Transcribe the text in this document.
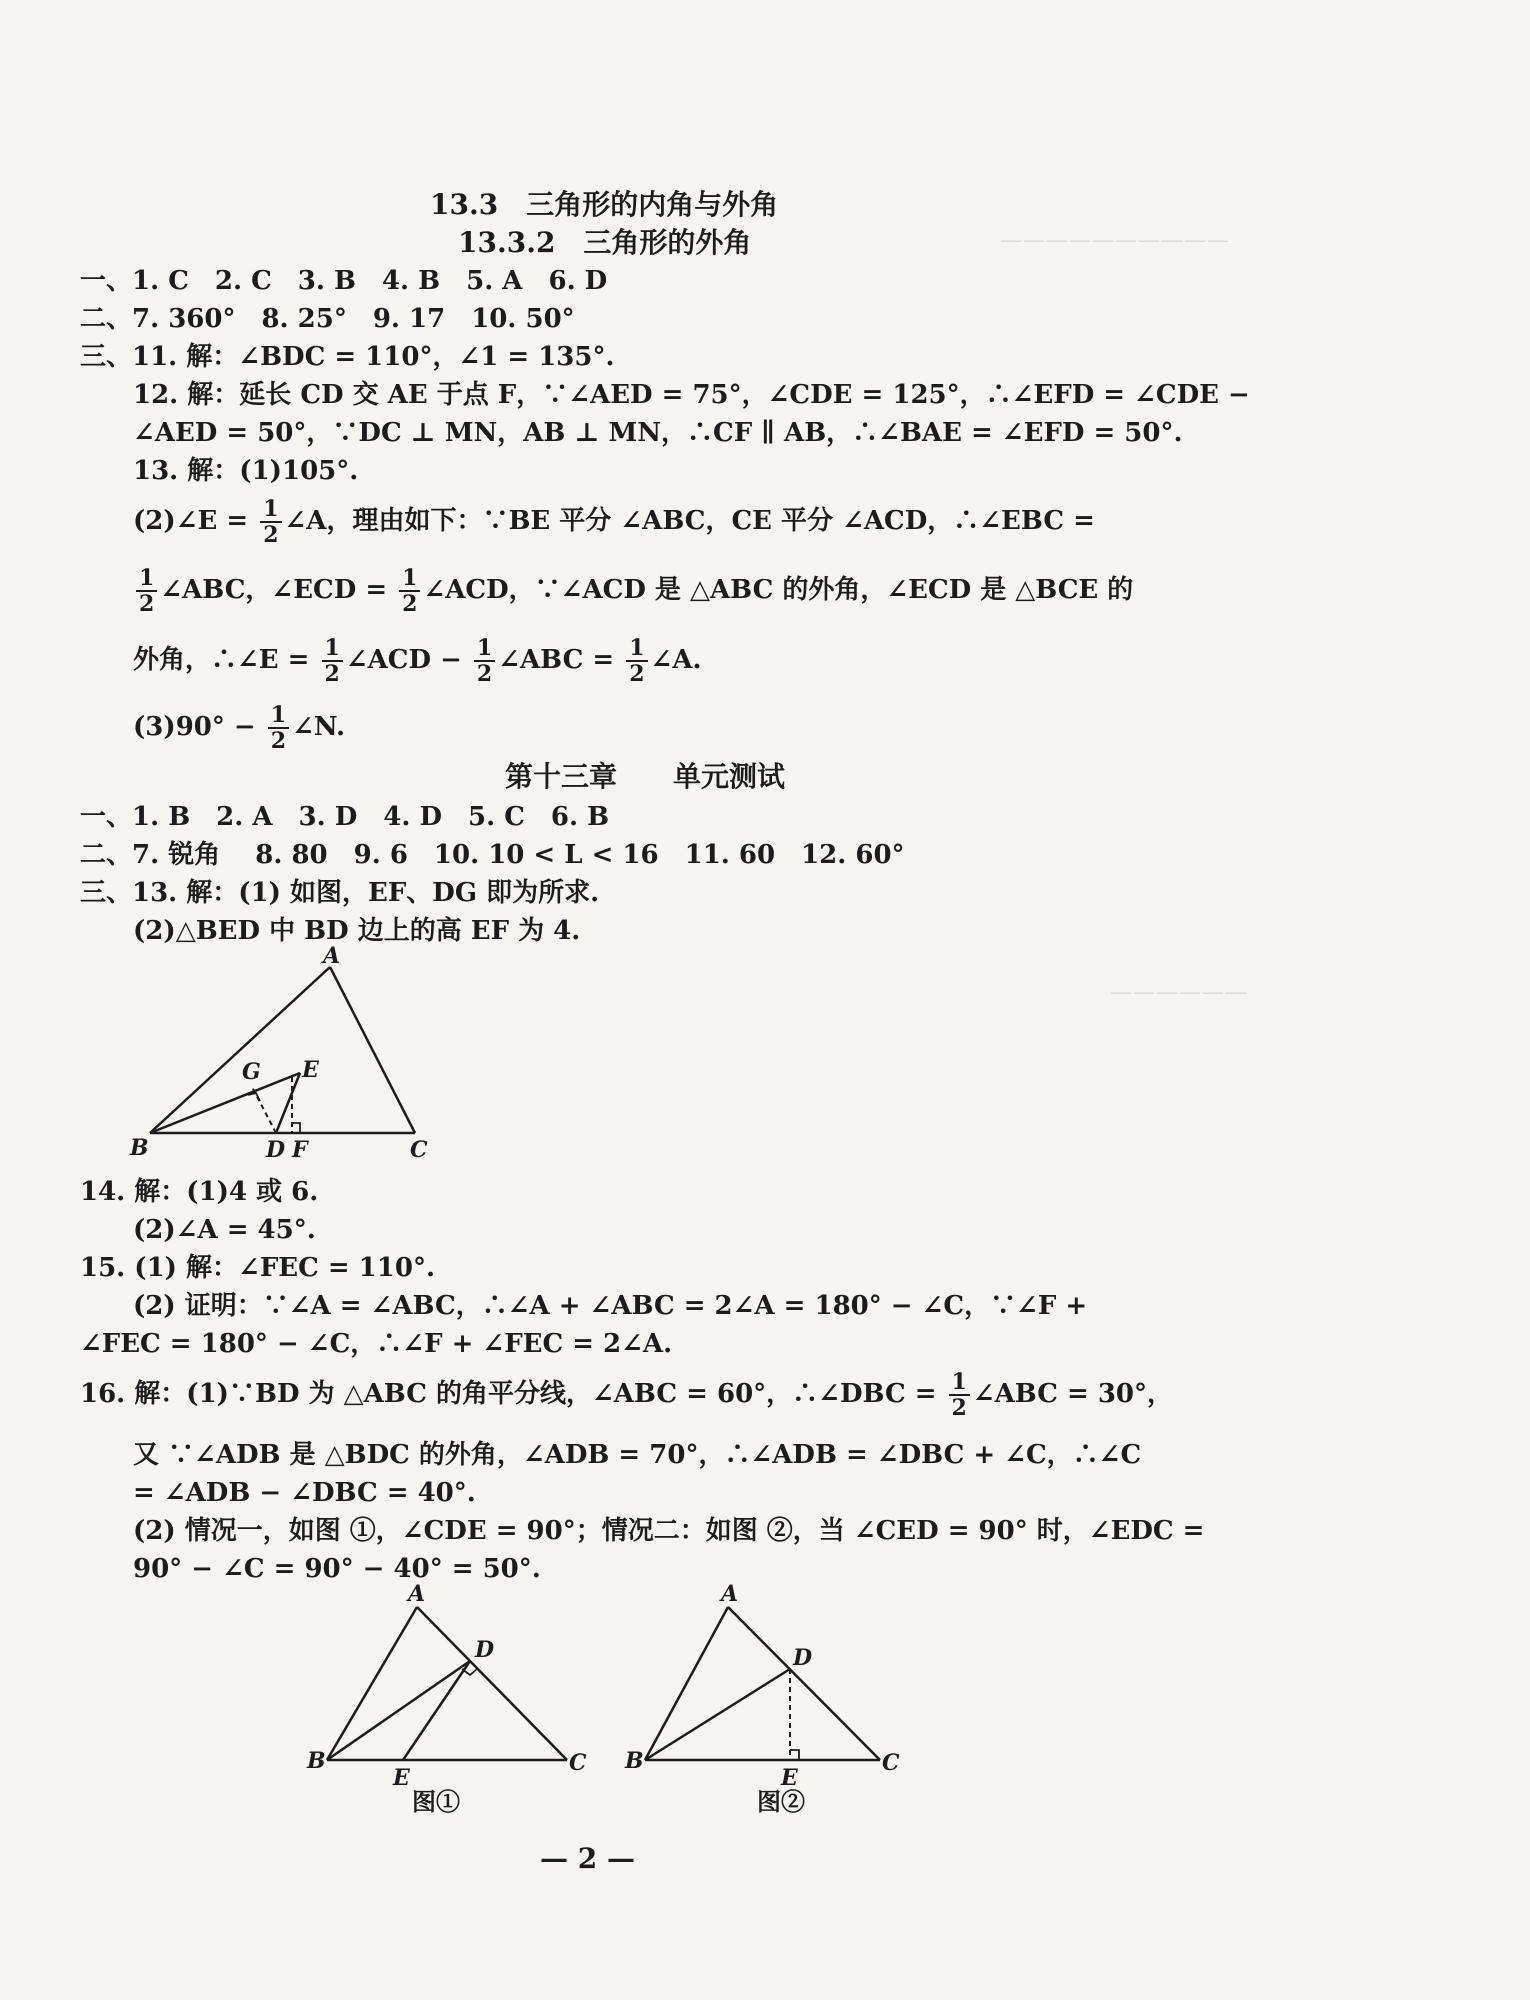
——————————
——————
13.3　三角形的内角与外角
13.3.2　三角形的外角
一、1. C　2. C　3. B　4. B　5. A　6. D
二、7. 360°　8. 25°　9. 17　10. 50°
三、11. 解：∠BDC = 110°，∠1 = 135°.
12. 解：延长 CD 交 AE 于点 F，∵∠AED = 75°，∠CDE = 125°，∴∠EFD = ∠CDE −
∠AED = 50°，∵DC ⊥ MN，AB ⊥ MN，∴CF ∥ AB，∴∠BAE = ∠EFD = 50°.
13. 解：(1)105°.
(2)∠E = $\frac{1}{2}$ ∠A，理由如下：∵BE 平分 ∠ABC，CE 平分 ∠ACD，∴∠EBC =
$\frac{1}{2}$ ∠ABC，∠ECD = $\frac{1}{2}$ ∠ACD，∵∠ACD 是 △ABC 的外角，∠ECD 是 △BCE 的
外角，∴∠E = $\frac{1}{2}$ ∠ACD − $\frac{1}{2}$ ∠ABC = $\frac{1}{2}$ ∠A.
$(3)90^\circ - \frac{1}{2}$ ∠N.
第十三章　　单元测试
一、1. B　2. A　3. D　4. D　5. C　6. B
二、7. 锐角　 8. 80　9. 6　10. 10 < L < 16　11. 60　12. 60°
三、13. 解：(1) 如图，EF、DG 即为所求.
(2)△BED 中 BD 边上的高 EF 为 4.
A
B	C
G E
D F
14. 解：(1)4 或 6.
(2)∠A = 45°.
15. (1) 解：∠FEC = 110°.
(2) 证明：∵∠A = ∠ABC，∴∠A + ∠ABC = 2∠A = 180° − ∠C，∵∠F +
∠FEC = 180° − ∠C，∴∠F + ∠FEC = 2∠A.
16. 解：(1)∵BD 为 △ABC 的角平分线，∠ABC = 60°，∴∠DBC = $\frac{1}{2}$ ∠ABC = 30°，
又 ∵∠ADB 是 △BDC 的外角，∠ADB = 70°，∴∠ADB = ∠DBC + ∠C，∴∠C
= ∠ADB − ∠DBC = 40°.
(2) 情况一，如图 ①，∠CDE = 90°；情况二：如图 ②，当 ∠CED = 90° 时，∠EDC =
90° − ∠C = 90° − 40° = 50°.
A
B	C
D
E
图①
A
B	C
D
E
图②
— 2 —
